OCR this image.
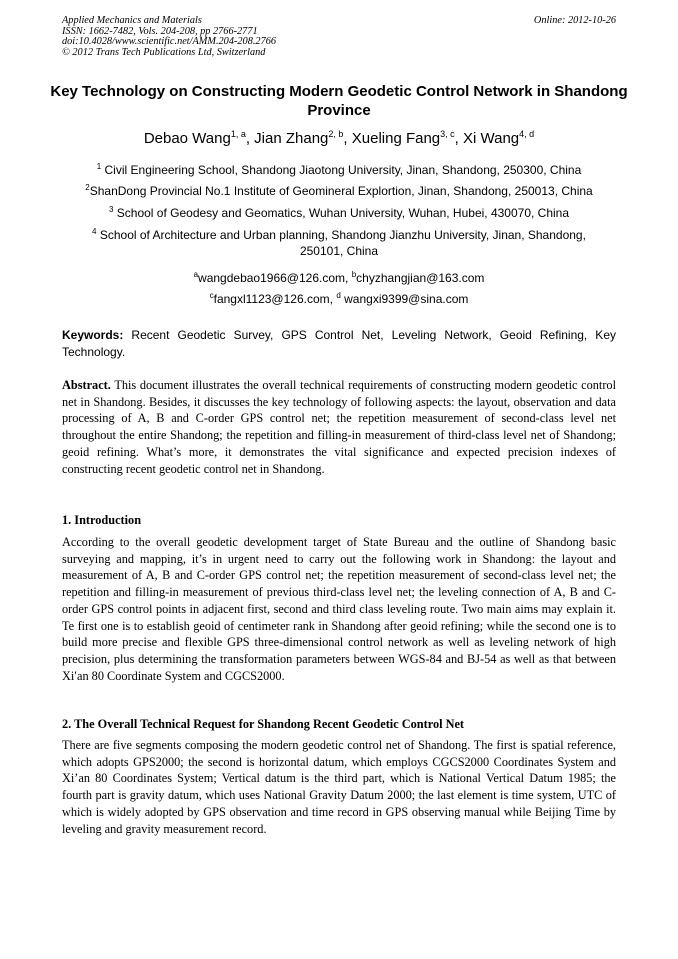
Applied Mechanics and Materials
ISSN: 1662-7482, Vols. 204-208, pp 2766-2771
doi:10.4028/www.scientific.net/AMM.204-208.2766
© 2012 Trans Tech Publications Ltd, Switzerland
Online: 2012-10-26
Key Technology on Constructing Modern Geodetic Control Network in Shandong Province
Debao Wang$^{1, a}$, Jian Zhang$^{2, b}$, Xueling Fang$^{3, c}$, Xi Wang$^{4, d}$
$^1$ Civil Engineering School, Shandong Jiaotong University, Jinan, Shandong, 250300, China
$^2$ShanDong Provincial No.1 Institute of Geomineral Explortion, Jinan, Shandong, 250013, China
$^3$ School of Geodesy and Geomatics, Wuhan University, Wuhan, Hubei, 430070, China
$^4$ School of Architecture and Urban planning, Shandong Jianzhu University, Jinan, Shandong, 250101, China
$^a$wangdebao1966@126.com, $^b$chyzhangjian@163.com
$^c$fangxl1123@126.com, $^d$ wangxi9399@sina.com
Keywords: Recent Geodetic Survey, GPS Control Net, Leveling Network, Geoid Refining, Key Technology.
Abstract. This document illustrates the overall technical requirements of constructing modern geodetic control net in Shandong. Besides, it discusses the key technology of following aspects: the layout, observation and data processing of A, B and C-order GPS control net; the repetition measurement of second-class level net throughout the entire Shandong; the repetition and filling-in measurement of third-class level net of Shandong; geoid refining. What’s more, it demonstrates the vital significance and expected precision indexes of constructing recent geodetic control net in Shandong.
1. Introduction
According to the overall geodetic development target of State Bureau and the outline of Shandong basic surveying and mapping, it’s in urgent need to carry out the following work in Shandong: the layout and measurement of A, B and C-order GPS control net; the repetition measurement of second-class level net; the repetition and filling-in measurement of previous third-class level net; the leveling connection of A, B and C-order GPS control points in adjacent first, second and third class leveling route. Two main aims may explain it. Te first one is to establish geoid of centimeter rank in Shandong after geoid refining; while the second one is to build more precise and flexible GPS three-dimensional control network as well as leveling network of high precision, plus determining the transformation parameters between WGS-84 and BJ-54 as well as that between Xi′an 80 Coordinate System and CGCS2000.
2. The Overall Technical Request for Shandong Recent Geodetic Control Net
There are five segments composing the modern geodetic control net of Shandong. The first is spatial reference, which adopts GPS2000; the second is horizontal datum, which employs CGCS2000 Coordinates System and Xi’an 80 Coordinates System; Vertical datum is the third part, which is National Vertical Datum 1985; the fourth part is gravity datum, which uses National Gravity Datum 2000; the last element is time system, UTC of which is widely adopted by GPS observation and time record in GPS observing manual while Beijing Time by leveling and gravity measurement record.
